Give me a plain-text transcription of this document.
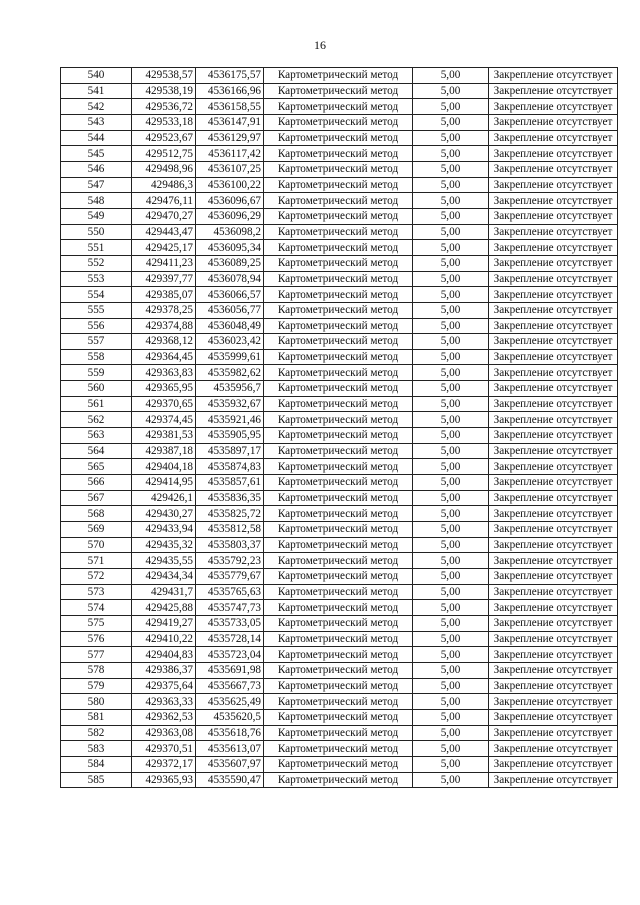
16
540	429538,57	4536175,57	Картометрический метод	5,00	Закрепление отсутствует
541	429538,19	4536166,96	Картометрический метод	5,00	Закрепление отсутствует
542	429536,72	4536158,55	Картометрический метод	5,00	Закрепление отсутствует
543	429533,18	4536147,91	Картометрический метод	5,00	Закрепление отсутствует
544	429523,67	4536129,97	Картометрический метод	5,00	Закрепление отсутствует
545	429512,75	4536117,42	Картометрический метод	5,00	Закрепление отсутствует
546	429498,96	4536107,25	Картометрический метод	5,00	Закрепление отсутствует
547	429486,3	4536100,22	Картометрический метод	5,00	Закрепление отсутствует
548	429476,11	4536096,67	Картометрический метод	5,00	Закрепление отсутствует
549	429470,27	4536096,29	Картометрический метод	5,00	Закрепление отсутствует
550	429443,47	4536098,2	Картометрический метод	5,00	Закрепление отсутствует
551	429425,17	4536095,34	Картометрический метод	5,00	Закрепление отсутствует
552	429411,23	4536089,25	Картометрический метод	5,00	Закрепление отсутствует
553	429397,77	4536078,94	Картометрический метод	5,00	Закрепление отсутствует
554	429385,07	4536066,57	Картометрический метод	5,00	Закрепление отсутствует
555	429378,25	4536056,77	Картометрический метод	5,00	Закрепление отсутствует
556	429374,88	4536048,49	Картометрический метод	5,00	Закрепление отсутствует
557	429368,12	4536023,42	Картометрический метод	5,00	Закрепление отсутствует
558	429364,45	4535999,61	Картометрический метод	5,00	Закрепление отсутствует
559	429363,83	4535982,62	Картометрический метод	5,00	Закрепление отсутствует
560	429365,95	4535956,7	Картометрический метод	5,00	Закрепление отсутствует
561	429370,65	4535932,67	Картометрический метод	5,00	Закрепление отсутствует
562	429374,45	4535921,46	Картометрический метод	5,00	Закрепление отсутствует
563	429381,53	4535905,95	Картометрический метод	5,00	Закрепление отсутствует
564	429387,18	4535897,17	Картометрический метод	5,00	Закрепление отсутствует
565	429404,18	4535874,83	Картометрический метод	5,00	Закрепление отсутствует
566	429414,95	4535857,61	Картометрический метод	5,00	Закрепление отсутствует
567	429426,1	4535836,35	Картометрический метод	5,00	Закрепление отсутствует
568	429430,27	4535825,72	Картометрический метод	5,00	Закрепление отсутствует
569	429433,94	4535812,58	Картометрический метод	5,00	Закрепление отсутствует
570	429435,32	4535803,37	Картометрический метод	5,00	Закрепление отсутствует
571	429435,55	4535792,23	Картометрический метод	5,00	Закрепление отсутствует
572	429434,34	4535779,67	Картометрический метод	5,00	Закрепление отсутствует
573	429431,7	4535765,63	Картометрический метод	5,00	Закрепление отсутствует
574	429425,88	4535747,73	Картометрический метод	5,00	Закрепление отсутствует
575	429419,27	4535733,05	Картометрический метод	5,00	Закрепление отсутствует
576	429410,22	4535728,14	Картометрический метод	5,00	Закрепление отсутствует
577	429404,83	4535723,04	Картометрический метод	5,00	Закрепление отсутствует
578	429386,37	4535691,98	Картометрический метод	5,00	Закрепление отсутствует
579	429375,64	4535667,73	Картометрический метод	5,00	Закрепление отсутствует
580	429363,33	4535625,49	Картометрический метод	5,00	Закрепление отсутствует
581	429362,53	4535620,5	Картометрический метод	5,00	Закрепление отсутствует
582	429363,08	4535618,76	Картометрический метод	5,00	Закрепление отсутствует
583	429370,51	4535613,07	Картометрический метод	5,00	Закрепление отсутствует
584	429372,17	4535607,97	Картометрический метод	5,00	Закрепление отсутствует
585	429365,93	4535590,47	Картометрический метод	5,00	Закрепление отсутствует
